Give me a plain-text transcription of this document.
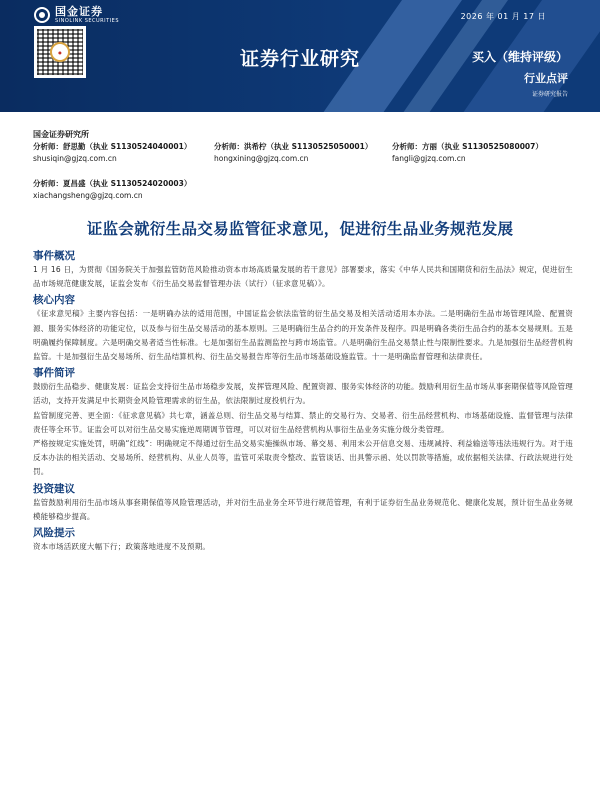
国金证券
SINOLINK SECURITIES	2026 年 01 月 17 日
●	证券行业研究	买入（维持评级）
行业点评
证券研究报告
国金证券研究所
分析师：舒思勤（执业 S1130524040001）
shusiqin@gjzq.com.cn
分析师：洪希柠（执业 S1130525050001）
hongxining@gjzq.com.cn
分析师：方丽（执业 S1130525080007）
fangli@gjzq.com.cn
分析师：夏昌盛（执业 S1130524020003）
xiachangsheng@gjzq.com.cn
证监会就衍生品交易监管征求意见，促进衍生品业务规范发展
事件概况

1 月 16 日，为贯彻《国务院关于加强监管防范风险推动资本市场高质量发展的若干意见》部署要求，落实《中华人民共和国期货和衍生品法》规定，促进衍生品市场规范健康发展，证监会发布《衍生品交易监督管理办法（试行）（征求意见稿）》。

核心内容

《征求意见稿》主要内容包括：一是明确办法的适用范围，中国证监会依法监管的衍生品交易及相关活动适用本办法。二是明确衍生品市场管理风险、配置资源、服务实体经济的功能定位，以及参与衍生品交易活动的基本原则。三是明确衍生品合约的开发条件及程序。四是明确各类衍生品合约的基本交易规则。五是明确履约保障制度。六是明确交易者适当性标准。七是加强衍生品监测监控与跨市场监管。八是明确衍生品交易禁止性与限制性要求。九是加强衍生品经营机构监管。十是加强衍生品交易场所、衍生品结算机构、衍生品交易报告库等衍生品市场基础设施监管。十一是明确监督管理和法律责任。

事件简评

鼓励衍生品稳步、健康发展：证监会支持衍生品市场稳步发展，发挥管理风险、配置资源、服务实体经济的功能。鼓励利用衍生品市场从事套期保值等风险管理活动，支持开发满足中长期资金风险管理需求的衍生品，依法限制过度投机行为。

监管制度完善、更全面：《征求意见稿》共七章，涵盖总则、衍生品交易与结算、禁止的交易行为、交易者、衍生品经营机构、市场基础设施、监督管理与法律责任等全环节。证监会可以对衍生品交易实施逆周期调节管理，可以对衍生品经营机构从事衍生品业务实施分级分类管理。

严格按规定实施处罚，明确“红线”：明确规定不得通过衍生品交易实施操纵市场、幕交易、利用未公开信息交易、违规减持、利益输送等违法违规行为。对于违反本办法的相关活动、交易场所、经营机构、从业人员等，监管可采取责令整改、监管谈话、出具警示函、处以罚款等措施，或依据相关法律、行政法规进行处罚。

投资建议

监管鼓励利用衍生品市场从事套期保值等风险管理活动，并对衍生品业务全环节进行规范管理，有利于证券衍生品业务规范化、健康化发展，预计衍生品业务规模能够稳步提高。

风险提示

资本市场活跃度大幅下行；政策落地进度不及预期。
